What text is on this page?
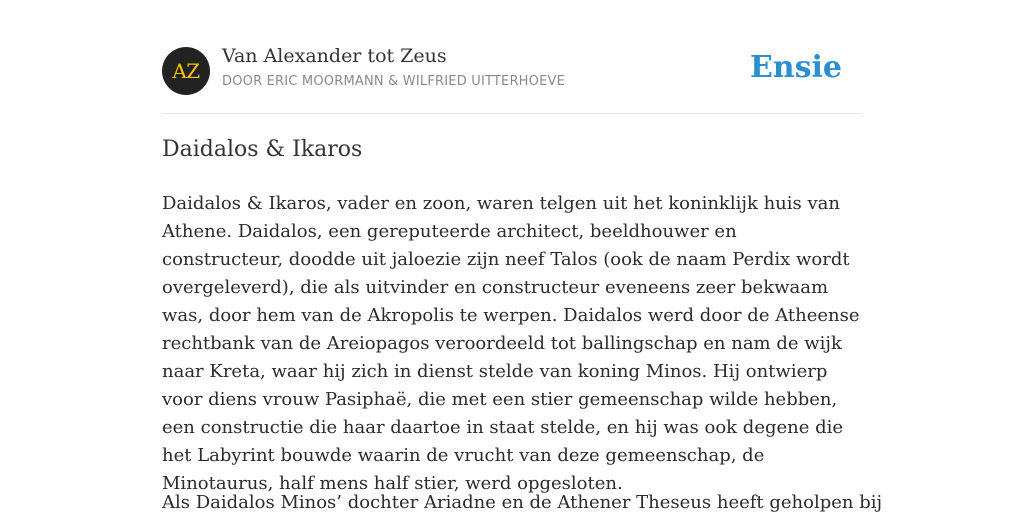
AZ
Van Alexander tot Zeus
DOOR ERIC MOORMANN & WILFRIED UITTERHOEVE	Ensie
Daidalos & Ikaros

Daidalos & Ikaros, vader en zoon, waren telgen uit het koninklijk huis van Athene. Daidalos, een gereputeerde architect, beeldhouwer en constructeur, doodde uit jaloezie zijn neef Talos (ook de naam Perdix wordt overgeleverd), die als uitvinder en constructeur eveneens zeer bekwaam was, door hem van de Akropolis te werpen. Daidalos werd door de Atheense rechtbank van de Areiopagos veroordeeld tot ballingschap en nam de wijk naar Kreta, waar hij zich in dienst stelde van koning Minos. Hij ontwierp voor diens vrouw Pasiphaë, die met een stier gemeenschap wilde hebben, een constructie die haar daartoe in staat stelde, en hij was ook degene die het Labyrint bouwde waarin de vrucht van deze gemeenschap, de Minotaurus, half mens half stier, werd opgesloten.

Als Daidalos Minos’ dochter Ariadne en de Athener Theseus heeft geholpen bij
